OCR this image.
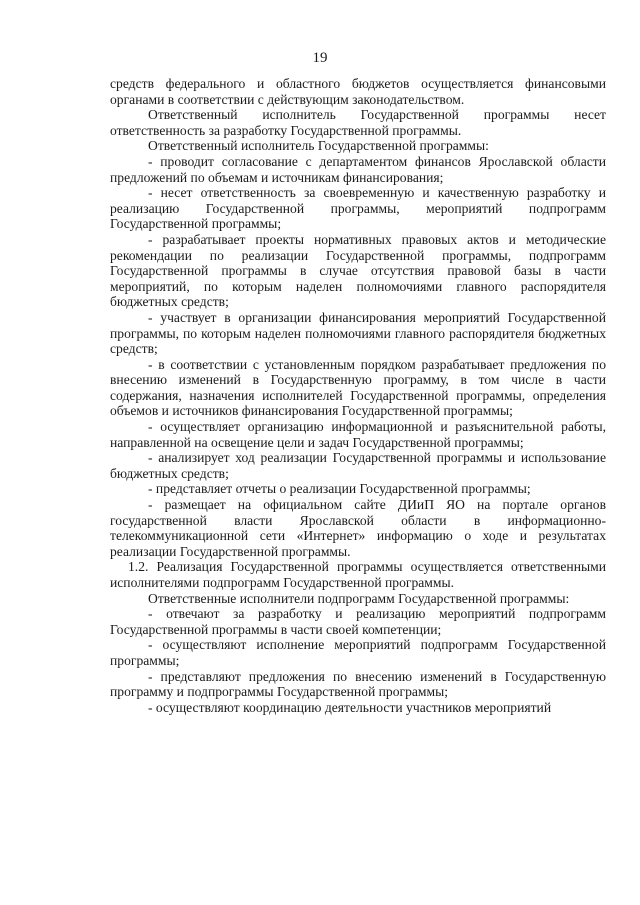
19

средств федерального и областного бюджетов осуществляется финансовыми органами в соответствии с действующим законодательством.

Ответственный исполнитель Государственной программы несет ответственность за разработку Государственной программы.

Ответственный исполнитель Государственной программы:

- проводит согласование с департаментом финансов Ярославской области предложений по объемам и источникам финансирования;

- несет ответственность за своевременную и качественную разработку и реализацию Государственной программы, мероприятий подпрограмм Государственной программы;

- разрабатывает проекты нормативных правовых актов и методические рекомендации по реализации Государственной программы, подпрограмм Государственной программы в случае отсутствия правовой базы в части мероприятий, по которым наделен полномочиями главного распорядителя бюджетных средств;

- участвует в организации финансирования мероприятий Государственной программы, по которым наделен полномочиями главного распорядителя бюджетных средств;

- в соответствии с установленным порядком разрабатывает предложения по внесению изменений в Государственную программу, в том числе в части содержания, назначения исполнителей Государственной программы, определения объемов и источников финансирования Государственной программы;

- осуществляет организацию информационной и разъяснительной работы, направленной на освещение цели и задач Государственной программы;

- анализирует ход реализации Государственной программы и использование бюджетных средств;

- представляет отчеты о реализации Государственной программы;

- размещает на официальном сайте ДИиП ЯО на портале органов государственной власти Ярославской области в информационно-телекоммуникационной сети «Интернет» информацию о ходе и результатах реализации Государственной программы.

1.2. Реализация Государственной программы осуществляется ответственными исполнителями подпрограмм Государственной программы.

Ответственные исполнители подпрограмм Государственной программы:

- отвечают за разработку и реализацию мероприятий подпрограмм Государственной программы в части своей компетенции;

- осуществляют исполнение мероприятий подпрограмм Государственной программы;

- представляют предложения по внесению изменений в Государственную программу и подпрограммы Государственной программы;

- осуществляют координацию деятельности участников мероприятий
